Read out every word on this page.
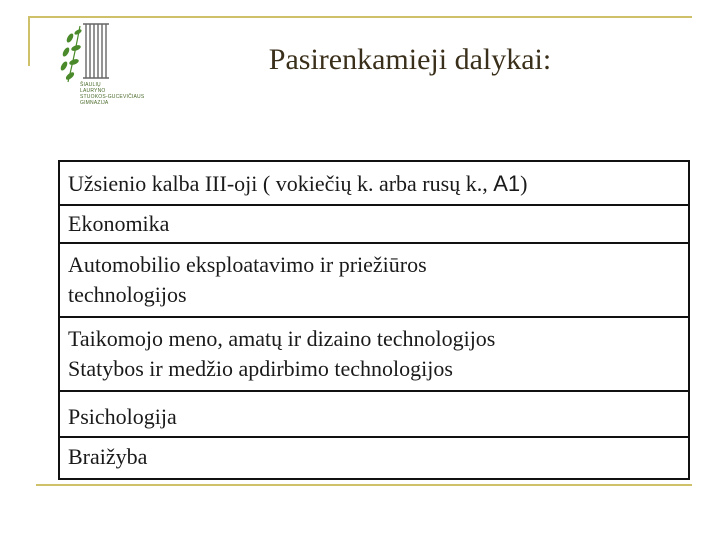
ŠIAULIŲ
LAURYNO
STUOKOS-GUCEVIČIAUS
GIMNAZIJA
Pasirenkamieji dalykai:
Užsienio kalba III-oji ( vokiečių k. arba rusų k., A1)
Ekonomika
Automobilio eksploatavimo ir priežiūros
technologijos
Taikomojo meno, amatų ir dizaino technologijos
Statybos ir medžio apdirbimo technologijos
Psichologija
Braižyba
